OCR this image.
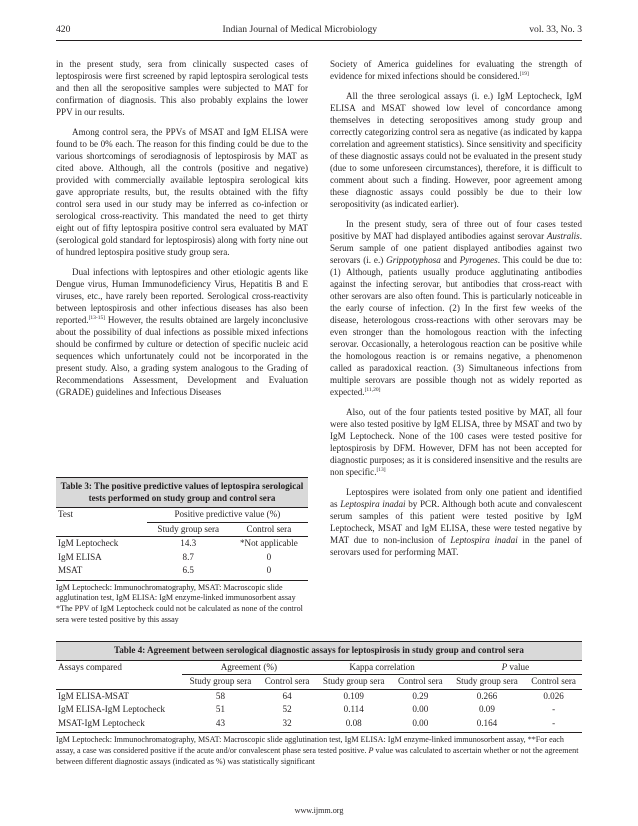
420	Indian Journal of Medical Microbiology	vol. 33, No. 3

in the present study, sera from clinically suspected cases of leptospirosis were first screened by rapid leptospira serological tests and then all the seropositive samples were subjected to MAT for confirmation of diagnosis. This also probably explains the lower PPV in our results.

Among control sera, the PPVs of MSAT and IgM ELISA were found to be 0% each. The reason for this finding could be due to the various shortcomings of serodiagnosis of leptospirosis by MAT as cited above. Although, all the controls (positive and negative) provided with commercially available leptospira serological kits gave appropriate results, but, the results obtained with the fifty control sera used in our study may be inferred as co-infection or serological cross-reactivity. This mandated the need to get thirty eight out of fifty leptospira positive control sera evaluated by MAT (serological gold standard for leptospirosis) along with forty nine out of hundred leptospira positive study group sera.

Dual infections with leptospires and other etiologic agents like Dengue virus, Human Immunodeficiency Virus, Hepatitis B and E viruses, etc., have rarely been reported. Serological cross-reactivity between leptospirosis and other infectious diseases has also been reported.[13-15] However, the results obtained are largely inconclusive about the possibility of dual infections as possible mixed infections should be confirmed by culture or detection of specific nucleic acid sequences which unfortunately could not be incorporated in the present study. Also, a grading system analogous to the Grading of Recommendations Assessment, Development and Evaluation (GRADE) guidelines and Infectious Diseases

Society of America guidelines for evaluating the strength of evidence for mixed infections should be considered.[19]

All the three serological assays (i. e.) IgM Leptocheck, IgM ELISA and MSAT showed low level of concordance among themselves in detecting seropositives among study group and correctly categorizing control sera as negative (as indicated by kappa correlation and agreement statistics). Since sensitivity and specificity of these diagnostic assays could not be evaluated in the present study (due to some unforeseen circumstances), therefore, it is difficult to comment about such a finding. However, poor agreement among these diagnostic assays could possibly be due to their low seropositivity (as indicated earlier).

In the present study, sera of three out of four cases tested positive by MAT had displayed antibodies against serovar Australis. Serum sample of one patient displayed antibodies against two serovars (i. e.) Grippotyphosa and Pyrogenes. This could be due to: (1) Although, patients usually produce agglutinating antibodies against the infecting serovar, but antibodies that cross-react with other serovars are also often found. This is particularly noticeable in the early course of infection. (2) In the first few weeks of the disease, heterologous cross-reactions with other serovars may be even stronger than the homologous reaction with the infecting serovar. Occasionally, a heterologous reaction can be positive while the homologous reaction is or remains negative, a phenomenon called as paradoxical reaction. (3) Simultaneous infections from multiple serovars are possible though not as widely reported as expected.[11,20]

Also, out of the four patients tested positive by MAT, all four were also tested positive by IgM ELISA, three by MSAT and two by IgM Leptocheck. None of the 100 cases were tested positive for leptospirosis by DFM. However, DFM has not been accepted for diagnostic purposes; as it is considered insensitive and the results are non specific.[13]

Leptospires were isolated from only one patient and identified as Leptospira inadai by PCR. Although both acute and convalescent serum samples of this patient were tested positive by IgM Leptocheck, MSAT and IgM ELISA, these were tested negative by MAT due to non-inclusion of Leptospira inadai in the panel of serovars used for performing MAT.

Table 3: The positive predictive values of leptospira serological tests performed on study group and control sera
Test	Positive predictive value (%)	
	Study group sera	Control sera
IgM Leptocheck	14.3	*Not applicable
IgM ELISA	8.7	0
MSAT	6.5	0
IgM Leptocheck: Immunochromatography, MSAT: Macroscopic slide agglutination test, IgM ELISA: IgM enzyme-linked immunosorbent assay *The PPV of IgM Leptocheck could not be calculated as none of the control sera were tested positive by this assay
Table 4: Agreement between serological diagnostic assays for leptospirosis in study group and control sera
Assays compared	Agreement (%)		Kappa correlation		P value	
	Study group sera	Control sera	Study group sera	Control sera	Study group sera	Control sera
IgM ELISA-MSAT	58	64	0.109	0.29	0.266	0.026
IgM ELISA-IgM Leptocheck	51	52	0.114	0.00	0.09	-
MSAT-IgM Leptocheck	43	32	0.08	0.00	0.164	-
IgM Leptocheck: Immunochromatography, MSAT: Macroscopic slide agglutination test, IgM ELISA: IgM enzyme-linked immunosorbent assay, **For each assay, a case was considered positive if the acute and/or convalescent phase sera tested positive. P value was calculated to ascertain whether or not the agreement between different diagnostic assays (indicated as %) was statistically significant
www.ijmm.org
